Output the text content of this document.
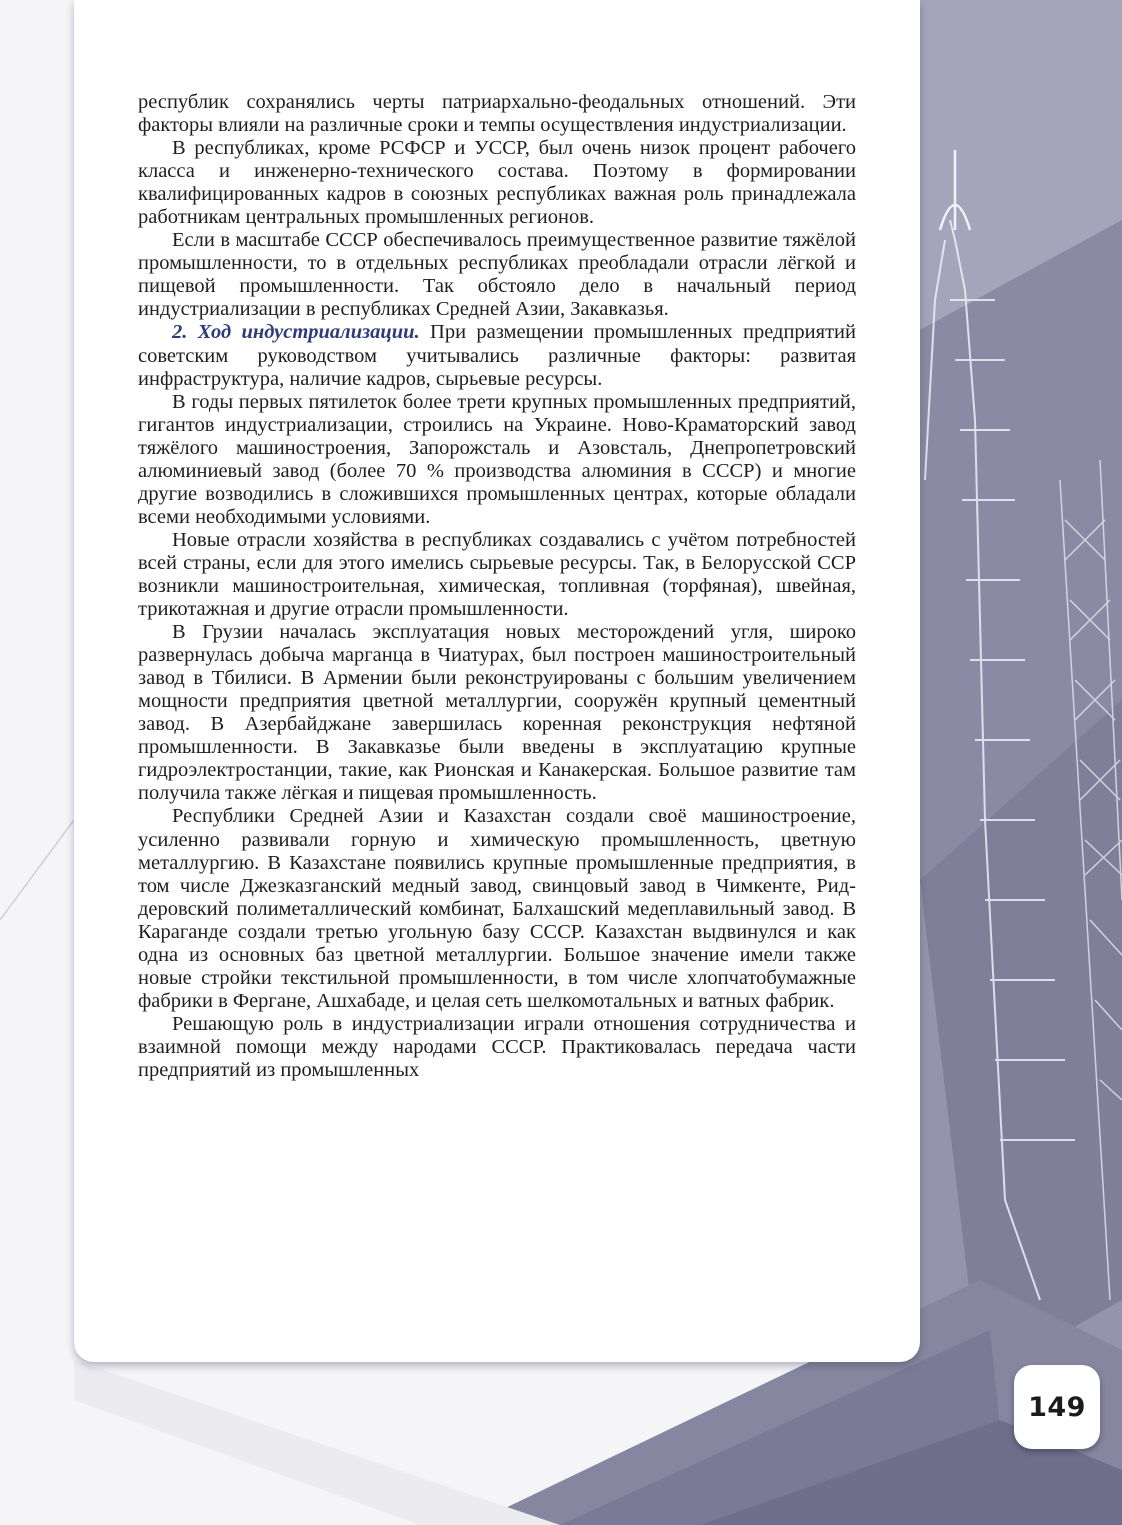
республик сохранялись черты патриархально-феодальных отношений. Эти факторы влияли на различные сроки и темпы осуществления индустриализации.

В республиках, кроме РСФСР и УССР, был очень низок процент рабочего класса и инженерно-технического состава. Поэтому в формировании квалифицированных кадров в союзных республиках важная роль принадлежала работникам центральных промышленных регионов.

Если в масштабе СССР обеспечивалось преимущественное развитие тяжёлой промышленности, то в отдельных республиках преобладали отрасли лёгкой и пищевой промышленности. Так обстояло дело в начальный период индустриализации в республиках Средней Азии, Закавказья.

2. Ход индустриализации. При размещении промышленных предприятий советским руководством учитывались различные факторы: развитая инфраструктура, наличие кадров, сырьевые ресурсы.

В годы первых пятилеток более трети крупных промышленных предприятий, гигантов индустриализации, строились на Украине. Ново-Краматорский завод тяжёлого машиностроения, Запорожсталь и Азовсталь, Днепропетровский алюминиевый завод (более 70 % производства алюминия в СССР) и многие другие возводились в сложившихся промышленных центрах, которые обладали всеми необходимыми условиями.

Новые отрасли хозяйства в республиках создавались с учётом потребностей всей страны, если для этого имелись сырьевые ресурсы. Так, в Белорусской ССР возникли машиностроительная, химическая, топливная (торфяная), швейная, трикотажная и другие отрасли промышленности.

В Грузии началась эксплуатация новых месторождений угля, широко развернулась добыча марганца в Чиатурах, был построен машиностроительный завод в Тбилиси. В Армении были реконструированы с большим увеличением мощности предприятия цветной металлургии, сооружён крупный цементный завод. В Азербайджане завершилась коренная реконструкция нефтяной промышленности. В Закавказье были введены в эксплуатацию крупные гидроэлектростанции, такие, как Рионская и Канакерская. Большое развитие там получила также лёгкая и пищевая промышленность.

Республики Средней Азии и Казахстан создали своё машиностроение, усиленно развивали горную и химическую промышленность, цветную металлургию. В Казахстане появились крупные промышленные предприятия, в том числе Джезказганский медный завод, свинцовый завод в Чимкенте, Риддеровский полиметаллический комбинат, Балхашский медеплавильный завод. В Караганде создали третью угольную базу СССР. Казахстан выдвинулся и как одна из основных баз цветной металлургии. Большое значение имели также новые стройки текстильной промышленности, в том числе хлопчатобумажные фабрики в Фергане, Ашхабаде, и целая сеть шелкомотальных и ватных фабрик.

Решающую роль в индустриализации играли отношения сотрудничества и взаимной помощи между народами СССР. Практиковалась передача части предприятий из промышленных

149
